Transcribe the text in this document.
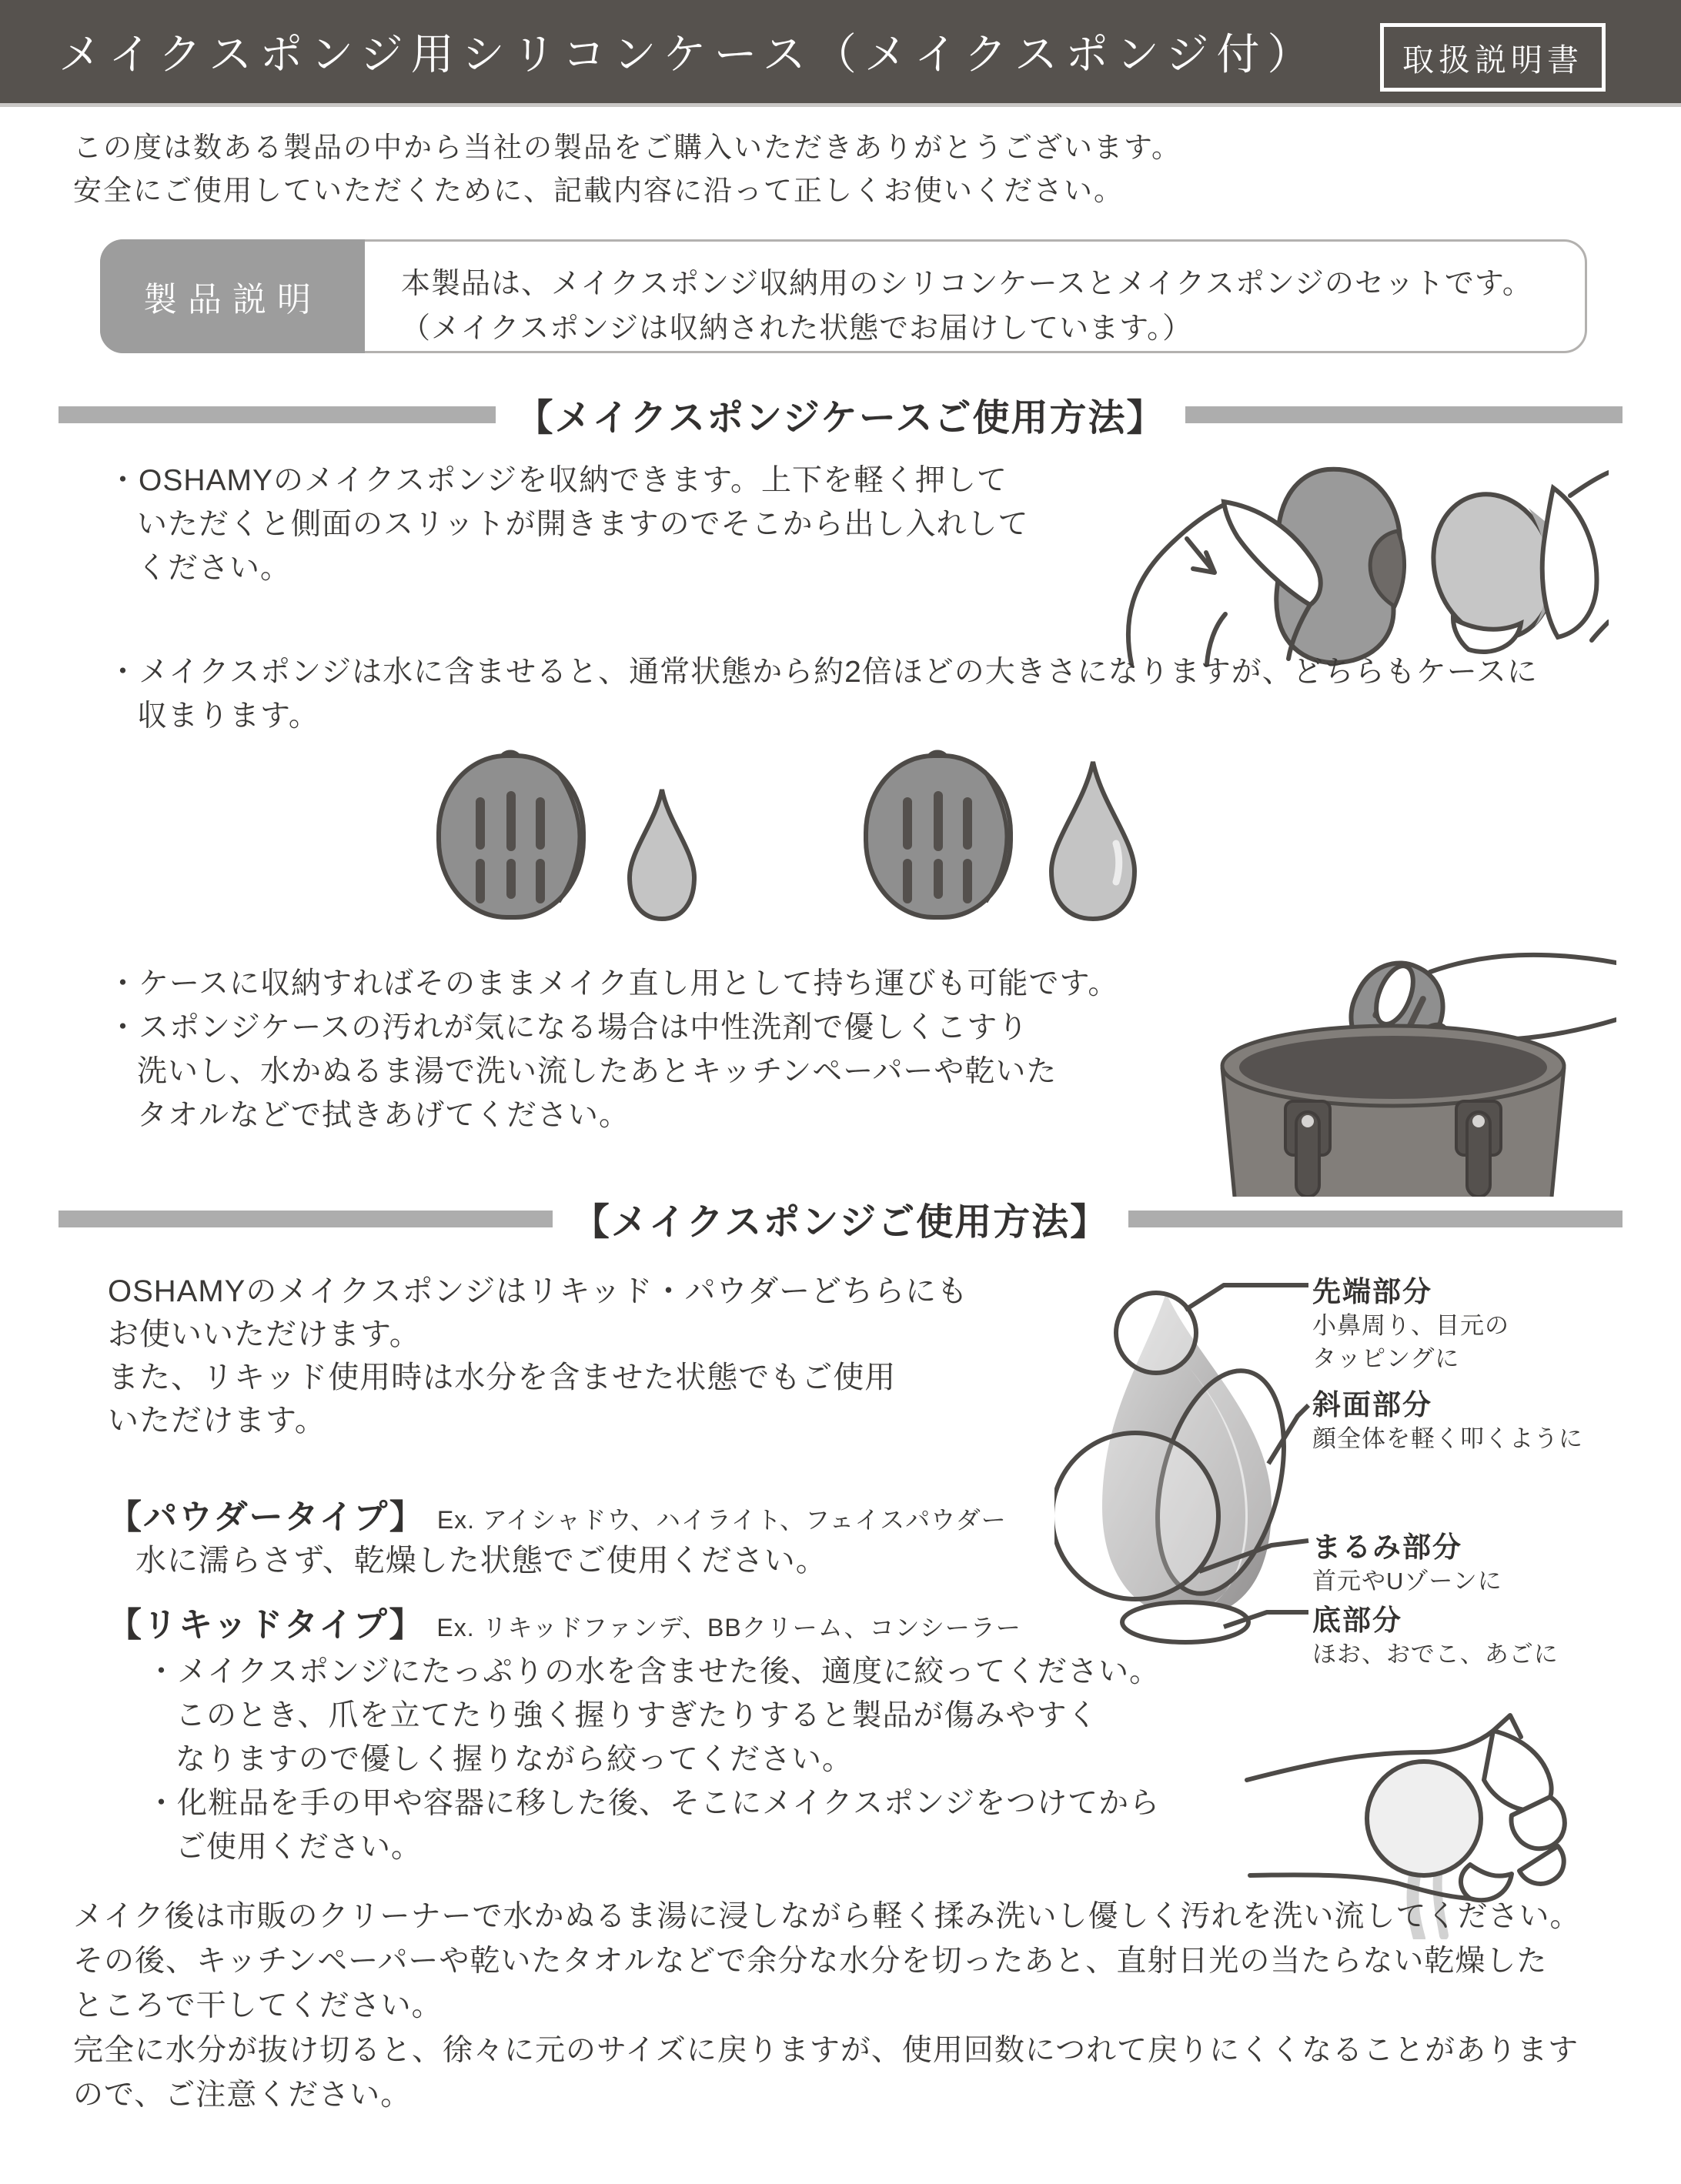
メイクスポンジ用シリコンケース（メイクスポンジ付）	取扱説明書
この度は数ある製品の中から当社の製品をご購入いただきありがとうございます。
安全にご使用していただくために、記載内容に沿って正しくお使いください。
製品説明	本製品は、メイクスポンジ収納用のシリコンケースとメイクスポンジのセットです。
（メイクスポンジは収納された状態でお届けしています。）
【メイクスポンジケースご使用方法】
・OSHAMYのメイクスポンジを収納できます。上下を軽く押して
いただくと側面のスリットが開きますのでそこから出し入れして
ください。
・メイクスポンジは水に含ませると、通常状態から約2倍ほどの大きさになりますが、どちらもケースに
収まります。
・ケースに収納すればそのままメイク直し用として持ち運びも可能です。
・スポンジケースの汚れが気になる場合は中性洗剤で優しくこすり
洗いし、水かぬるま湯で洗い流したあとキッチンペーパーや乾いた
タオルなどで拭きあげてください。
【メイクスポンジご使用方法】
OSHAMYのメイクスポンジはリキッド・パウダーどちらにも
お使いいただけます。
また、リキッド使用時は水分を含ませた状態でもご使用
いただけます。
【パウダータイプ】 Ex. アイシャドウ、ハイライト、フェイスパウダー
水に濡らさず、乾燥した状態でご使用ください。
【リキッドタイプ】 Ex. リキッドファンデ、BBクリーム、コンシーラー
・メイクスポンジにたっぷりの水を含ませた後、適度に絞ってください。
このとき、爪を立てたり強く握りすぎたりすると製品が傷みやすく
なりますので優しく握りながら絞ってください。
・化粧品を手の甲や容器に移した後、そこにメイクスポンジをつけてから
ご使用ください。
先端部分
小鼻周り、目元の
タッピングに
斜面部分
顔全体を軽く叩くように
まるみ部分
首元やUゾーンに
底部分
ほお、おでこ、あごに
メイク後は市販のクリーナーで水かぬるま湯に浸しながら軽く揉み洗いし優しく汚れを洗い流してください。
その後、キッチンペーパーや乾いたタオルなどで余分な水分を切ったあと、直射日光の当たらない乾燥した
ところで干してください。
完全に水分が抜け切ると、徐々に元のサイズに戻りますが、使用回数につれて戻りにくくなることがあります
ので、ご注意ください。
